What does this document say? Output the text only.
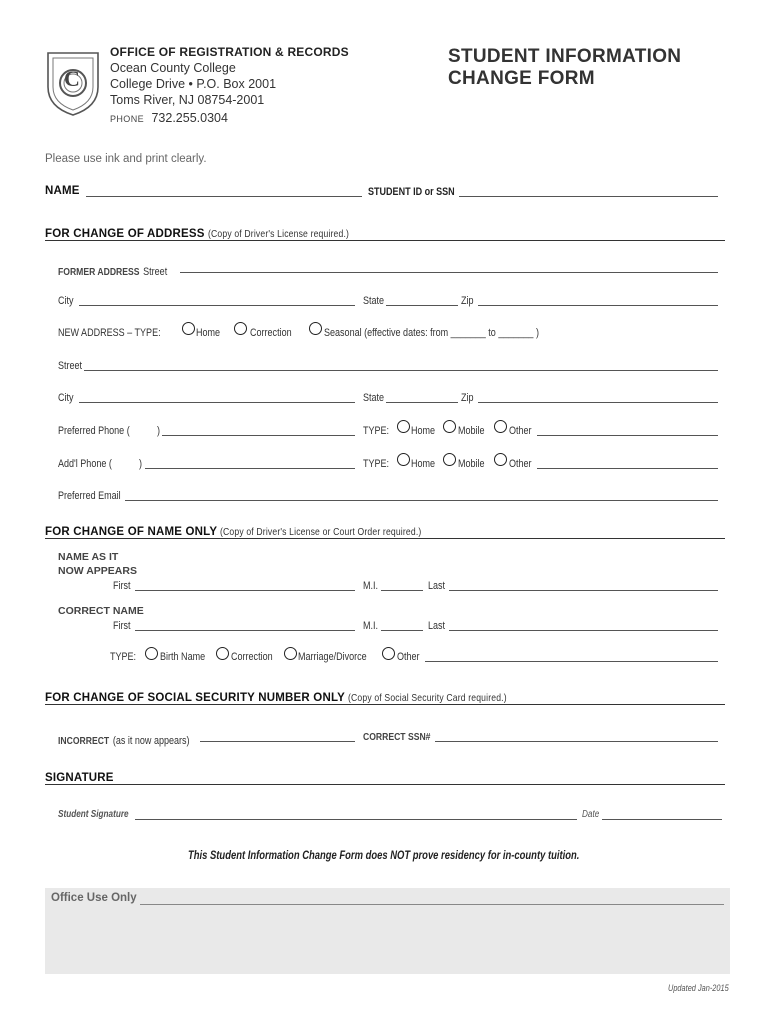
C
OFFICE OF REGISTRATION & RECORDS
Ocean County College
College Drive • P.O. Box 2001
Toms River, NJ 08754-2001
PHONE 732.255.0304
STUDENT INFORMATION
CHANGE FORM
Please use ink and print clearly.
NAME	STUDENT ID or SSN
FOR CHANGE OF ADDRESS (Copy of Driver's License required.)
FORMER ADDRESS Street
City	State	Zip
NEW ADDRESS – TYPE:	Home	Correction	Seasonal (effective dates: from _______ to _______ )
Street
City	State	Zip
Preferred Phone ( )	TYPE: Home Mobile Other
Add'l Phone ( )	TYPE: Home Mobile Other
Preferred Email
FOR CHANGE OF NAME ONLY (Copy of Driver's License or Court Order required.)
NAME AS IT
NOW APPEARS
First	M.I.	Last
CORRECT NAME
First	M.I.	Last
TYPE: Birth Name Correction Marriage/Divorce	Other
FOR CHANGE OF SOCIAL SECURITY NUMBER ONLY (Copy of Social Security Card required.)
INCORRECT (as it now appears)	CORRECT SSN#
SIGNATURE
Student Signature	Date
This Student Information Change Form does NOT prove residency for in-county tuition.
Office Use Only
Updated Jan-2015
